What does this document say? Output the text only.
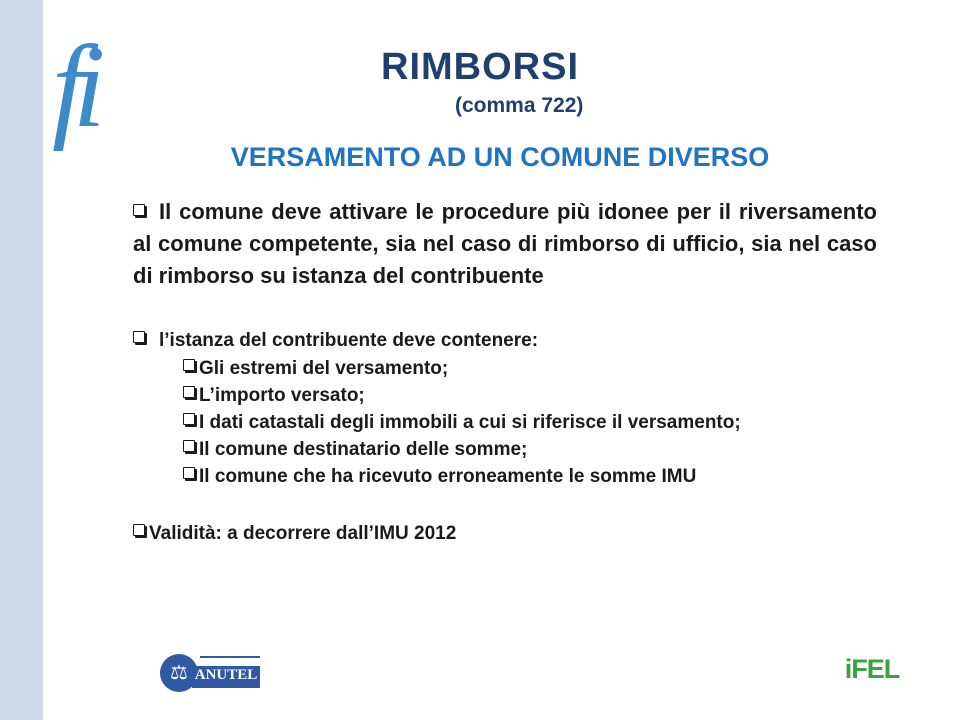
fi	RIMBORSI
(comma 722)
VERSAMENTO AD UN COMUNE DIVERSO

Il comune deve attivare le procedure più idonee per il riversamento al comune competente, sia nel caso di rimborso di ufficio, sia nel caso di rimborso su istanza del contribuente

l’istanza del contribuente deve contenere:
Gli estremi del versamento;
L’importo versato;
I dati catastali degli immobili a cui si riferisce il versamento;
Il comune destinatario delle somme;
Il comune che ha ricevuto erroneamente le somme IMU
Validità: a decorrere dall’IMU 2012
⚖ ANUTEL	iFEL
